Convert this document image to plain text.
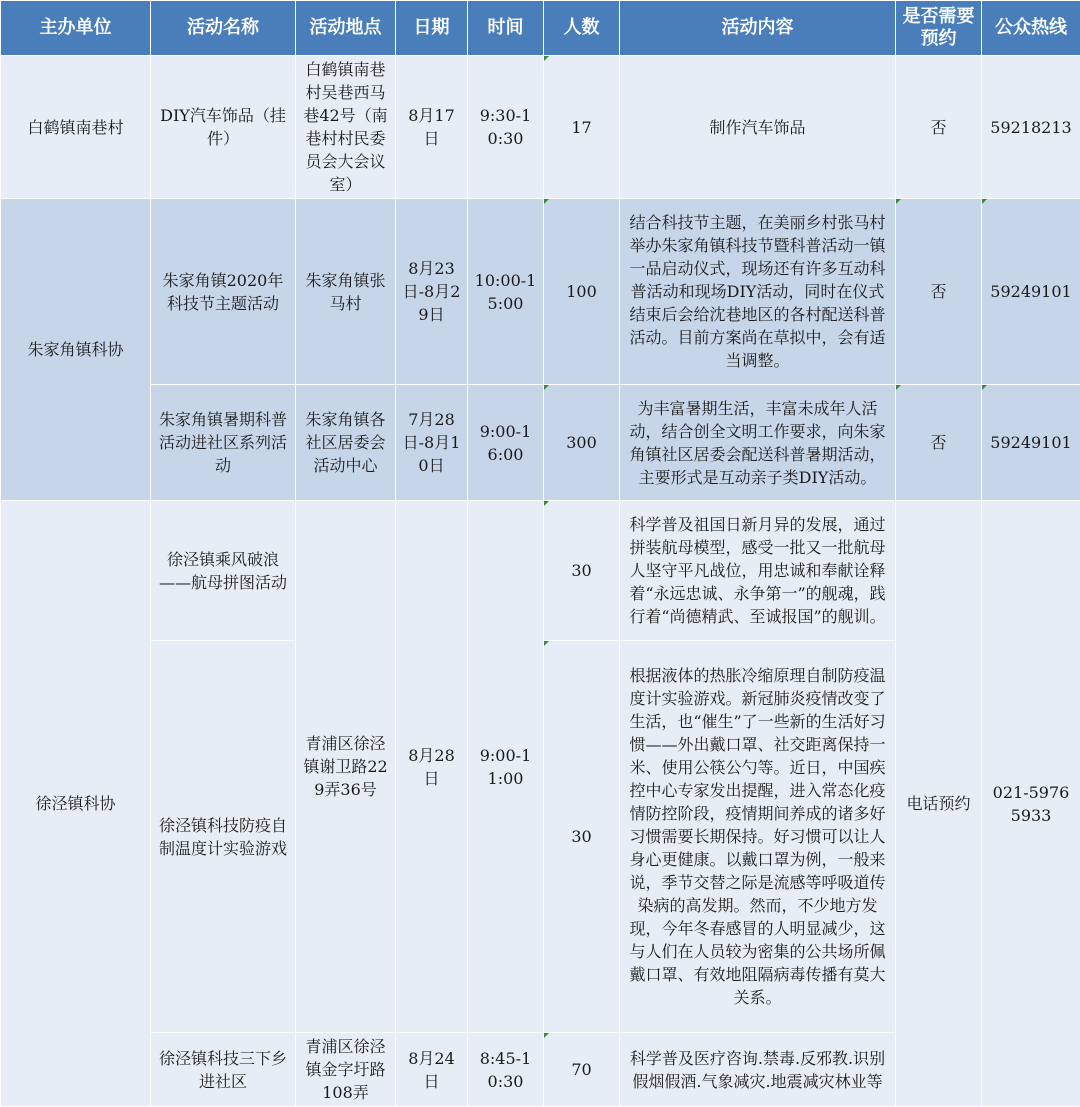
主办单位	活动名称	活动地点	日期	时间	人数	活动内容	是否需要预约	公众热线
白鹤镇南巷村	DIY汽车饰品（挂件）	白鹤镇南巷村吴巷西马巷42号（南巷村村民委员会大会议室）	8月17日	9:30-10:30	17	制作汽车饰品	否	59218213
朱家角镇科协	朱家角镇2020年科技节主题活动	朱家角镇张马村	8月23日-8月29日	10:00-15:00	100	结合科技节主题，在美丽乡村张马村举办朱家角镇科技节暨科普活动一镇一品启动仪式，现场还有许多互动科普活动和现场DIY活动，同时在仪式结束后会给沈巷地区的各村配送科普活动。目前方案尚在草拟中，会有适当调整。	否	59249101
	朱家角镇暑期科普活动进社区系列活动	朱家角镇各社区居委会活动中心	7月28日-8月10日	9:00-16:00	300	为丰富暑期生活，丰富未成年人活动，结合创全文明工作要求，向朱家角镇社区居委会配送科普暑期活动，主要形式是互动亲子类DIY活动。	否	59249101
徐泾镇科协	徐泾镇乘风破浪——航母拼图活动	青浦区徐泾镇谢卫路229弄36号	8月28日	9:00-11:00	30	科学普及祖国日新月异的发展，通过拼装航母模型，感受一批又一批航母人坚守平凡战位，用忠诚和奉献诠释着“永远忠诚、永争第一”的舰魂，践行着“尚德精武、至诚报国”的舰训。	电话预约	021-59765933
	徐泾镇科技防疫自制温度计实验游戏				30	根据液体的热胀冷缩原理自制防疫温度计实验游戏。新冠肺炎疫情改变了生活，也“催生”了一些新的生活好习惯——外出戴口罩、社交距离保持一米、使用公筷公勺等。近日，中国疾控中心专家发出提醒，进入常态化疫情防控阶段，疫情期间养成的诸多好习惯需要长期保持。好习惯可以让人身心更健康。以戴口罩为例，一般来说，季节交替之际是流感等呼吸道传染病的高发期。然而，不少地方发现，今年冬春感冒的人明显减少，这与人们在人员较为密集的公共场所佩戴口罩、有效地阻隔病毒传播有莫大关系。		
	徐泾镇科技三下乡进社区	青浦区徐泾镇金字圩路108弄	8月24日	8:45-10:30	70	科学普及医疗咨询.禁毒.反邪教.识别假烟假酒.气象减灾.地震减灾林业等		
